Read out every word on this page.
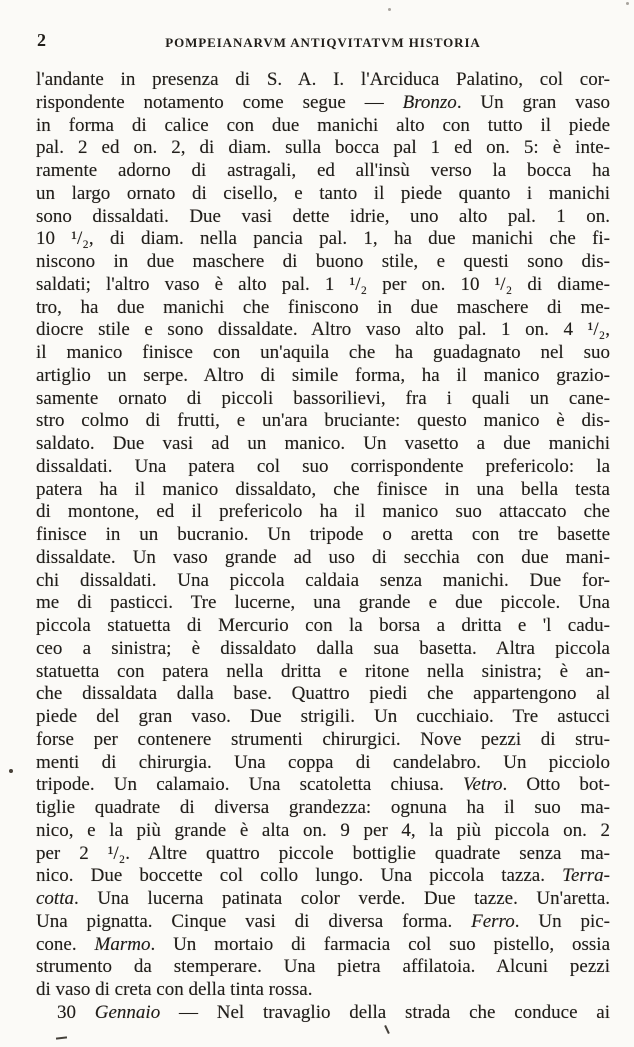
2	POMPEIANARVM ANTIQVITATVM HISTORIA
l'andante in presenza di S. A. I. l'Arciduca Palatino, col cor-
rispondente notamento come segue — Bronzo. Un gran vaso
in forma di calice con due manichi alto con tutto il piede
pal. 2 ed on. 2, di diam. sulla bocca pal 1 ed on. 5: è inte-
ramente adorno di astragali, ed all'insù verso la bocca ha
un largo ornato di cisello, e tanto il piede quanto i manichi
sono dissaldati. Due vasi dette idrie, uno alto pal. 1 on.
10 ¹/₂, di diam. nella pancia pal. 1, ha due manichi che fi-
niscono in due maschere di buono stile, e questi sono dis-
saldati; l'altro vaso è alto pal. 1 ¹/₂ per on. 10 ¹/₂ di diame-
tro, ha due manichi che finiscono in due maschere di me-
diocre stile e sono dissaldate. Altro vaso alto pal. 1 on. 4 ¹/₂,
il manico finisce con un'aquila che ha guadagnato nel suo
artiglio un serpe. Altro di simile forma, ha il manico grazio-
samente ornato di piccoli bassorilievi, fra i quali un cane-
stro colmo di frutti, e un'ara bruciante: questo manico è dis-
saldato. Due vasi ad un manico. Un vasetto a due manichi
dissaldati. Una patera col suo corrispondente prefericolo: la
patera ha il manico dissaldato, che finisce in una bella testa
di montone, ed il prefericolo ha il manico suo attaccato che
finisce in un bucranio. Un tripode o aretta con tre basette
dissaldate. Un vaso grande ad uso di secchia con due mani-
chi dissaldati. Una piccola caldaia senza manichi. Due for-
me di pasticci. Tre lucerne, una grande e due piccole. Una
piccola statuetta di Mercurio con la borsa a dritta e 'l cadu-
ceo a sinistra; è dissaldato dalla sua basetta. Altra piccola
statuetta con patera nella dritta e ritone nella sinistra; è an-
che dissaldata dalla base. Quattro piedi che appartengono al
piede del gran vaso. Due strigili. Un cucchiaio. Tre astucci
forse per contenere strumenti chirurgici. Nove pezzi di stru-
menti di chirurgia. Una coppa di candelabro. Un picciolo
tripode. Un calamaio. Una scatoletta chiusa. Vetro. Otto bot-
tiglie quadrate di diversa grandezza: ognuna ha il suo ma-
nico, e la più grande è alta on. 9 per 4, la più piccola on. 2
per 2 ¹/₂. Altre quattro piccole bottiglie quadrate senza ma-
nico. Due boccette col collo lungo. Una piccola tazza. Terra-
cotta. Una lucerna patinata color verde. Due tazze. Un'aretta.
Una pignatta. Cinque vasi di diversa forma. Ferro. Un pic-
cone. Marmo. Un mortaio di farmacia col suo pistello, ossia
strumento da stemperare. Una pietra affilatoia. Alcuni pezzi
di vaso di creta con della tinta rossa.
30 Gennaio — Nel travaglio della strada che conduce ai
